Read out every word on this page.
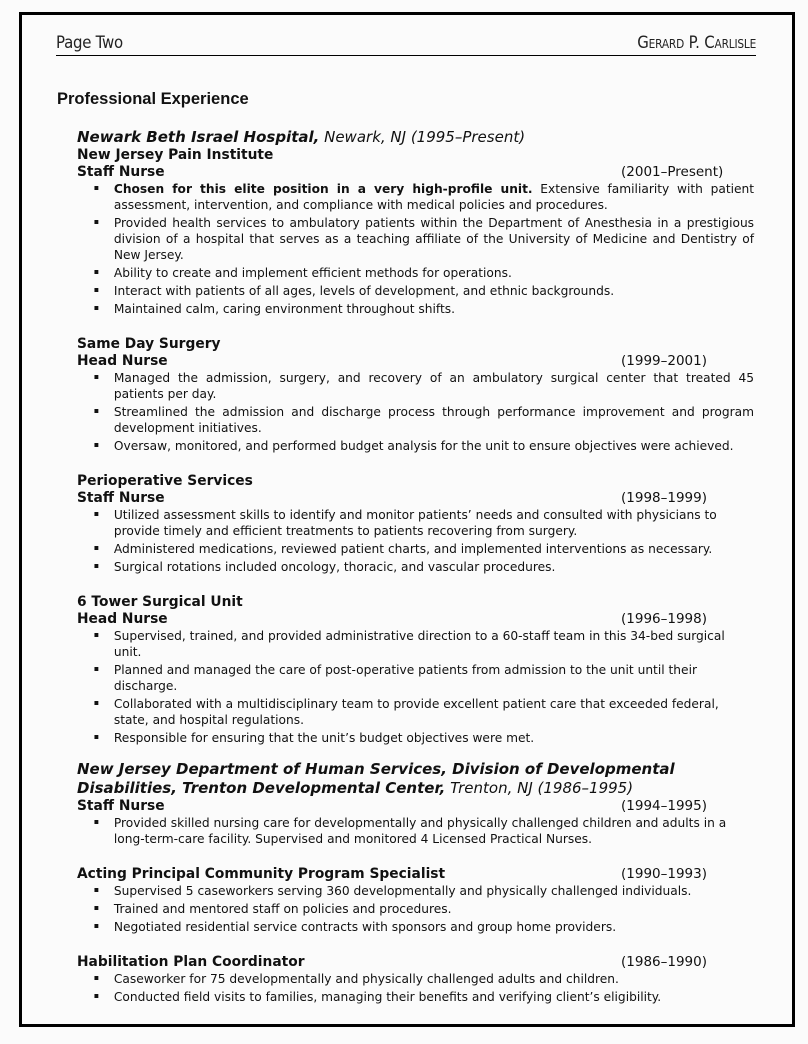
Page Two	Gerard P. Carlisle
Professional Experience
Newark Beth Israel Hospital, Newark, NJ (1995–Present)
New Jersey Pain Institute
Staff Nurse	(2001–Present)
Chosen for this elite position in a very high-profile unit. Extensive familiarity with patient assessment, intervention, and compliance with medical policies and procedures.
Provided health services to ambulatory patients within the Department of Anesthesia in a prestigious division of a hospital that serves as a teaching affiliate of the University of Medicine and Dentistry of New Jersey.
Ability to create and implement efficient methods for operations.
Interact with patients of all ages, levels of development, and ethnic backgrounds.
Maintained calm, caring environment throughout shifts.
Same Day Surgery
Head Nurse	(1999–2001)
Managed the admission, surgery, and recovery of an ambulatory surgical center that treated 45 patients per day.
Streamlined the admission and discharge process through performance improvement and program development initiatives.
Oversaw, monitored, and performed budget analysis for the unit to ensure objectives were achieved.
Perioperative Services
Staff Nurse	(1998–1999)
Utilized assessment skills to identify and monitor patients’ needs and consulted with physicians to provide timely and efficient treatments to patients recovering from surgery.
Administered medications, reviewed patient charts, and implemented interventions as necessary.
Surgical rotations included oncology, thoracic, and vascular procedures.
6 Tower Surgical Unit
Head Nurse	(1996–1998)
Supervised, trained, and provided administrative direction to a 60-staff team in this 34-bed surgical unit.
Planned and managed the care of post-operative patients from admission to the unit until their discharge.
Collaborated with a multidisciplinary team to provide excellent patient care that exceeded federal, state, and hospital regulations.
Responsible for ensuring that the unit’s budget objectives were met.
New Jersey Department of Human Services, Division of Developmental Disabilities, Trenton Developmental Center, Trenton, NJ (1986–1995)
Staff Nurse	(1994–1995)
Provided skilled nursing care for developmentally and physically challenged children and adults in a long-term-care facility. Supervised and monitored 4 Licensed Practical Nurses.
Acting Principal Community Program Specialist	(1990–1993)
Supervised 5 caseworkers serving 360 developmentally and physically challenged individuals.
Trained and mentored staff on policies and procedures.
Negotiated residential service contracts with sponsors and group home providers.
Habilitation Plan Coordinator	(1986–1990)
Caseworker for 75 developmentally and physically challenged adults and children.
Conducted field visits to families, managing their benefits and verifying client’s eligibility.
